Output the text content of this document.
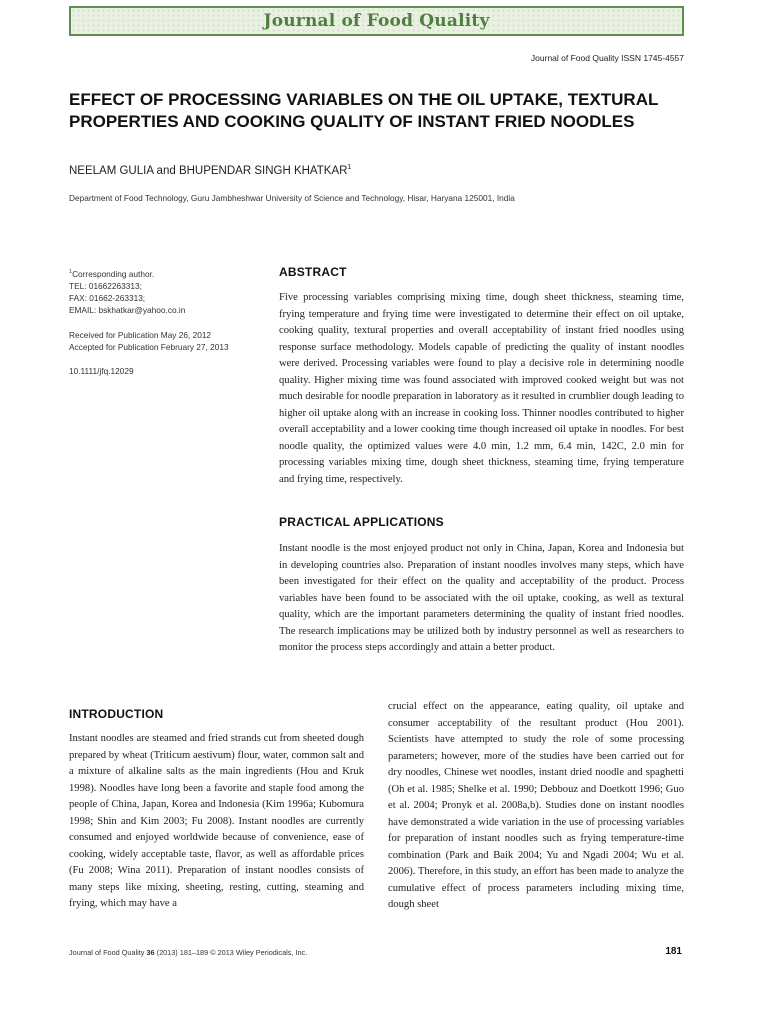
Journal of Food Quality
Journal of Food Quality ISSN 1745-4557
EFFECT OF PROCESSING VARIABLES ON THE OIL UPTAKE, TEXTURAL PROPERTIES AND COOKING QUALITY OF INSTANT FRIED NOODLES
NEELAM GULIA and BHUPENDAR SINGH KHATKAR$^1$
Department of Food Technology, Guru Jambheshwar University of Science and Technology, Hisar, Haryana 125001, India

$^1$Corresponding author.

TEL: 01662263313;

FAX: 01662-263313;

EMAIL: bskhatkar@yahoo.co.in

Received for Publication May 26, 2012

Accepted for Publication February 27, 2013

10.1111/jfq.12029

ABSTRACT

Five processing variables comprising mixing time, dough sheet thickness, steaming time, frying temperature and frying time were investigated to determine their effect on oil uptake, cooking quality, textural properties and overall acceptability of instant fried noodles using response surface methodology. Models capable of predicting the quality of instant noodles were derived. Processing variables were found to play a decisive role in determining noodle quality. Higher mixing time was found associated with improved cooked weight but was not much desirable for noodle preparation in laboratory as it resulted in crumblier dough leading to higher oil uptake along with an increase in cooking loss. Thinner noodles contributed to higher overall acceptability and a lower cooking time though increased oil uptake in noodles. For best noodle quality, the optimized values were 4.0 min, 1.2 mm, 6.4 min, 142C, 2.0 min for processing variables mixing time, dough sheet thickness, steaming time, frying temperature and frying time, respectively.

PRACTICAL APPLICATIONS

Instant noodle is the most enjoyed product not only in China, Japan, Korea and Indonesia but in developing countries also. Preparation of instant noodles involves many steps, which have been investigated for their effect on the quality and acceptability of the product. Process variables have been found to be associated with the oil uptake, cooking, as well as textural quality, which are the important parameters determining the quality of instant fried noodles. The research implications may be utilized both by industry personnel as well as researchers to monitor the process steps accordingly and attain a better product.

INTRODUCTION

Instant noodles are steamed and fried strands cut from sheeted dough prepared by wheat (Triticum aestivum) flour, water, common salt and a mixture of alkaline salts as the main ingredients (Hou and Kruk 1998). Noodles have long been a favorite and staple food among the people of China, Japan, Korea and Indonesia (Kim 1996a; Kubomura 1998; Shin and Kim 2003; Fu 2008). Instant noodles are currently consumed and enjoyed worldwide because of convenience, ease of cooking, widely acceptable taste, flavor, as well as affordable prices (Fu 2008; Wina 2011). Preparation of instant noodles consists of many steps like mixing, sheeting, resting, cutting, steaming and frying, which may have a

crucial effect on the appearance, eating quality, oil uptake and consumer acceptability of the resultant product (Hou 2001). Scientists have attempted to study the role of some processing parameters; however, more of the studies have been carried out for dry noodles, Chinese wet noodles, instant dried noodle and spaghetti (Oh et al. 1985; Shelke et al. 1990; Debbouz and Doetkott 1996; Guo et al. 2004; Pronyk et al. 2008a,b). Studies done on instant noodles have demonstrated a wide variation in the use of processing variables for preparation of instant noodles such as frying temperature-time combination (Park and Baik 2004; Yu and Ngadi 2004; Wu et al. 2006). Therefore, in this study, an effort has been made to analyze the cumulative effect of process parameters including mixing time, dough sheet

Journal of Food Quality 36 (2013) 181–189 © 2013 Wiley Periodicals, Inc.	181
